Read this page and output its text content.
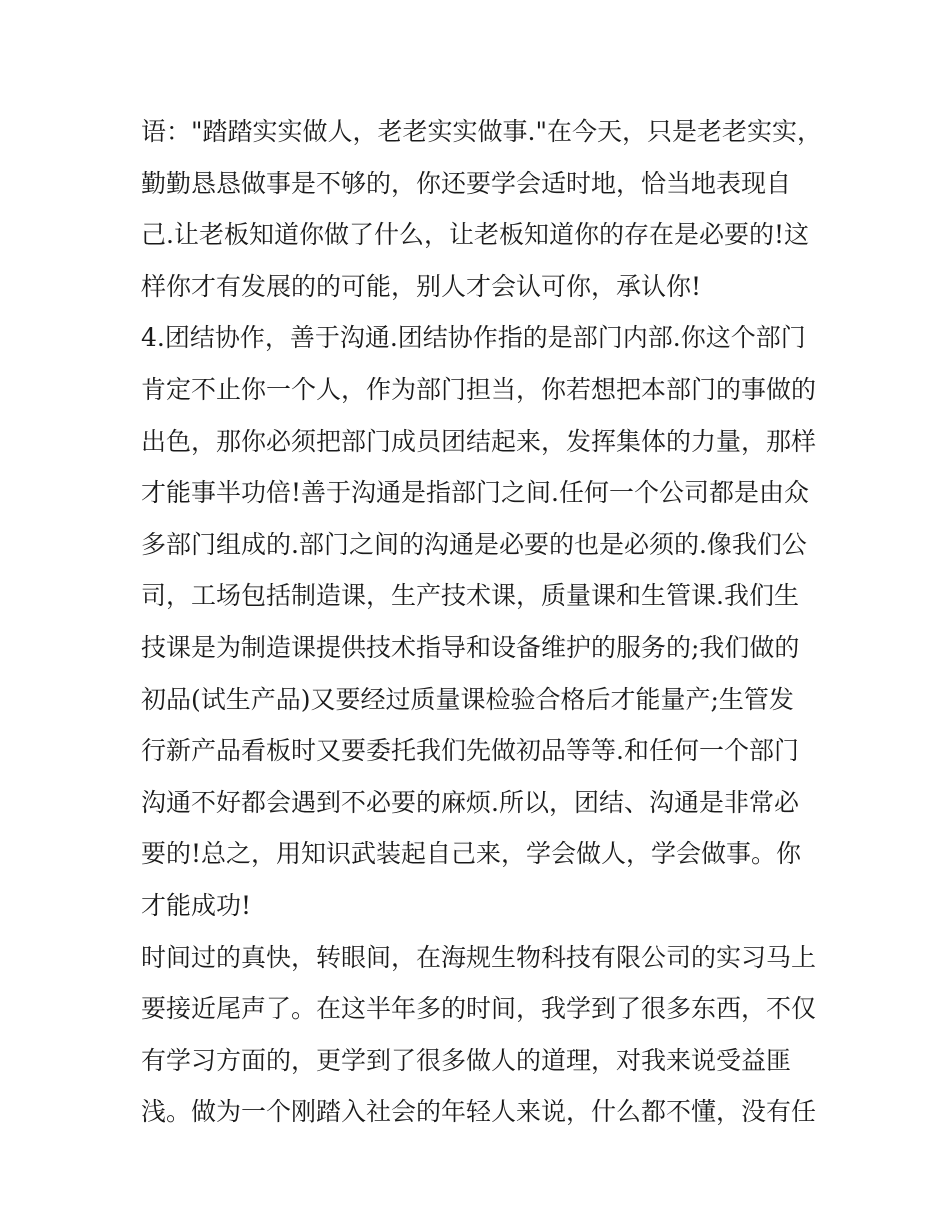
语："踏踏实实做人，老老实实做事."在今天，只是老老实实，
勤勤恳恳做事是不够的，你还要学会适时地，恰当地表现自
己.让老板知道你做了什么，让老板知道你的存在是必要的!这
样你才有发展的的可能，别人才会认可你，承认你!
4.团结协作，善于沟通.团结协作指的是部门内部.你这个部门
肯定不止你一个人，作为部门担当，你若想把本部门的事做的
出色，那你必须把部门成员团结起来，发挥集体的力量，那样
才能事半功倍!善于沟通是指部门之间.任何一个公司都是由众
多部门组成的.部门之间的沟通是必要的也是必须的.像我们公
司，工场包括制造课，生产技术课，质量课和生管课.我们生
技课是为制造课提供技术指导和设备维护的服务的;我们做的
初品(试生产品)又要经过质量课检验合格后才能量产;生管发
行新产品看板时又要委托我们先做初品等等.和任何一个部门
沟通不好都会遇到不必要的麻烦.所以，团结、沟通是非常必
要的!总之，用知识武装起自己来，学会做人，学会做事。你
才能成功!
时间过的真快，转眼间，在海规生物科技有限公司的实习马上
要接近尾声了。在这半年多的时间，我学到了很多东西，不仅
有学习方面的，更学到了很多做人的道理，对我来说受益匪
浅。做为一个刚踏入社会的年轻人来说，什么都不懂，没有任
